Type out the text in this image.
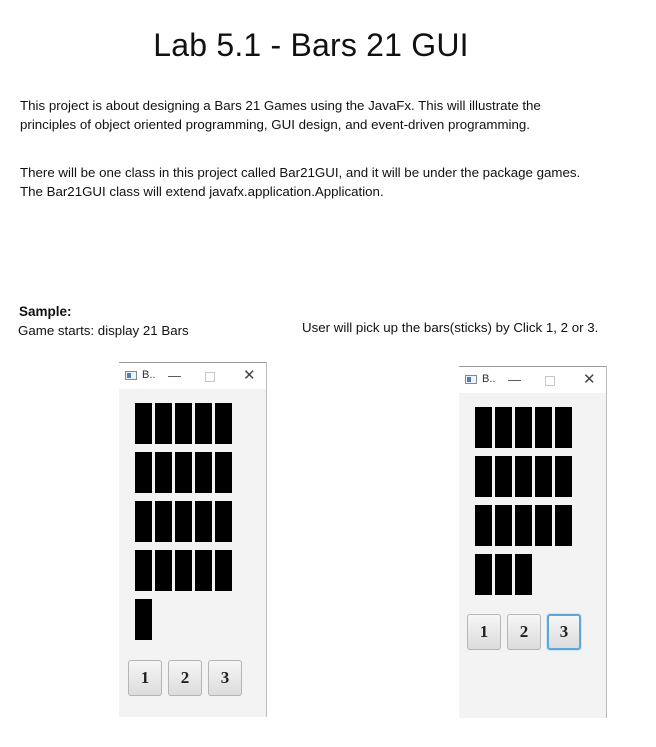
Lab 5.1 - Bars 21 GUI

This project is about designing a Bars 21 Games using the JavaFx. This will illustrate the
principles of object oriented programming, GUI design, and event-driven programming.

There will be one class in this project called Bar21GUI, and it will be under the package games.
The Bar21GUI class will extend javafx.application.Application.

Sample:
Game starts: display 21 Bars	User will pick up the bars(sticks) by Click 1, 2 or 3.
B.. —	✕
1	2	3
B.. —	✕
1	2	3
